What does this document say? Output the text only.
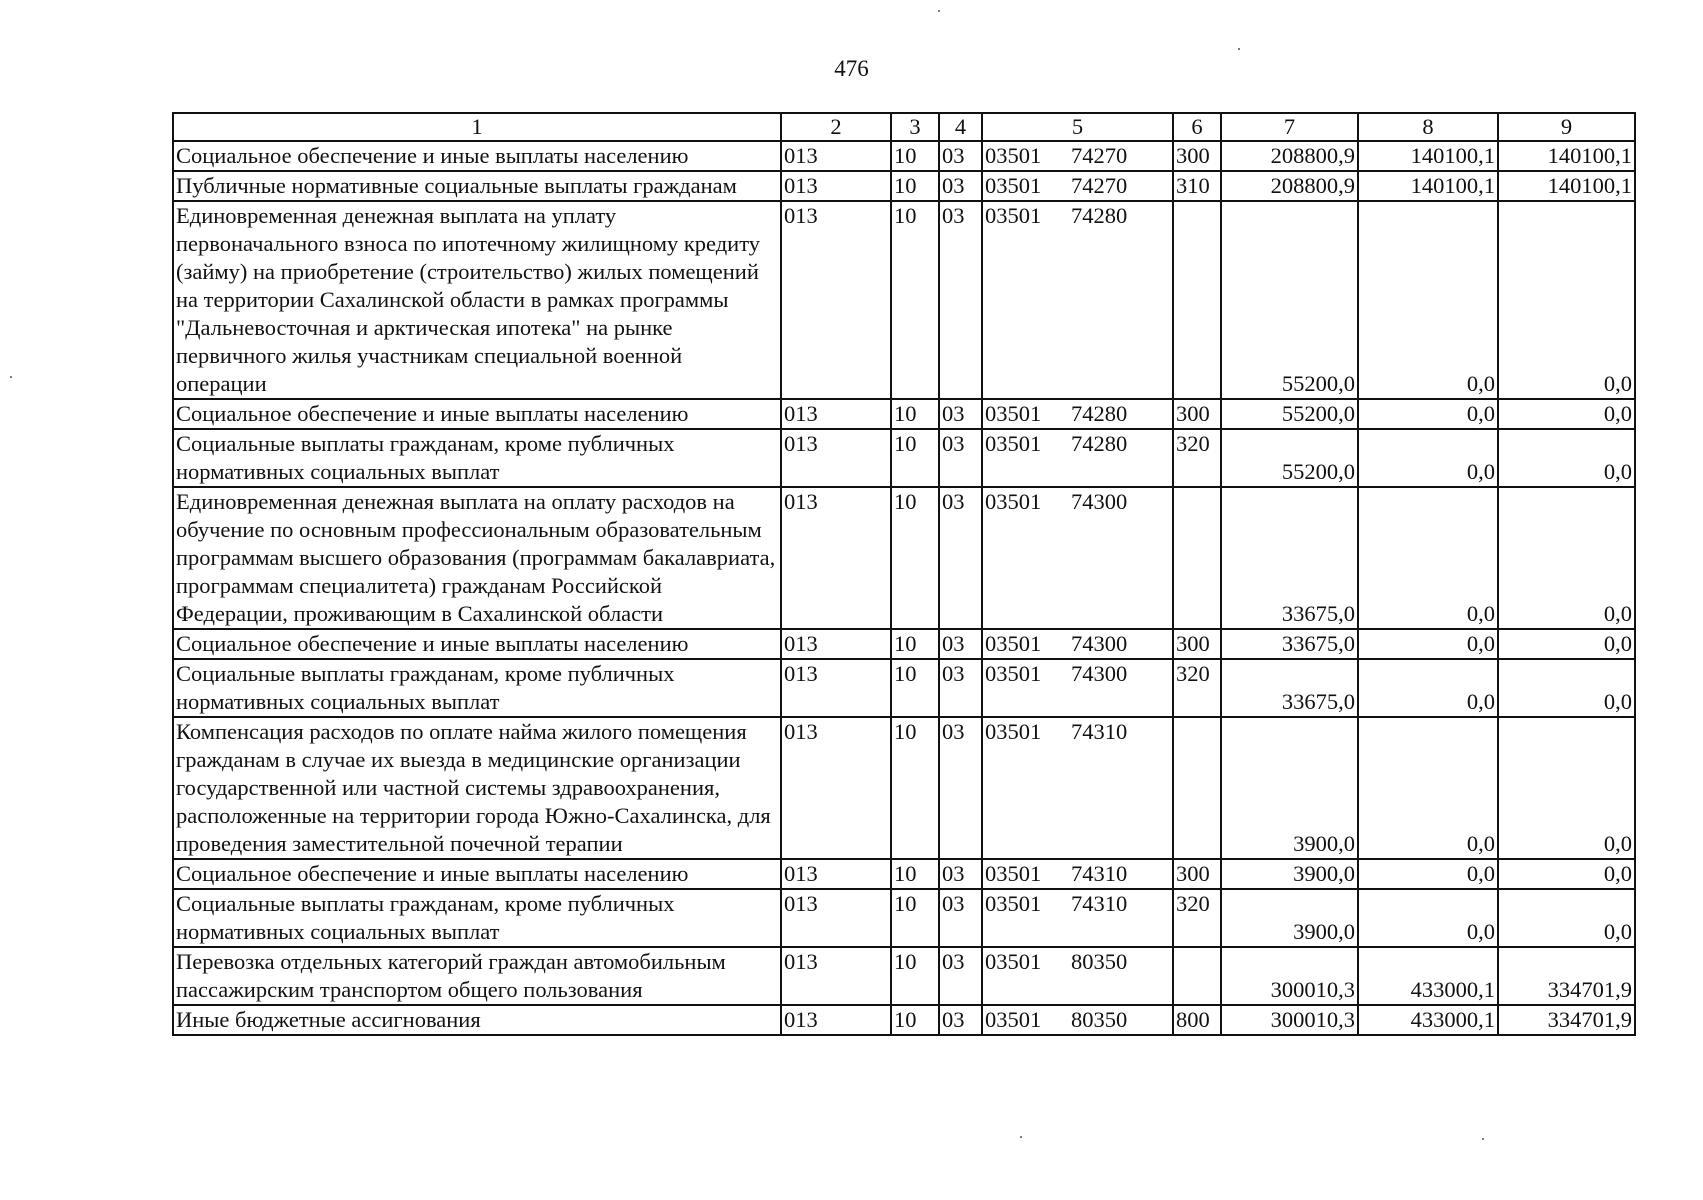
476
1	2	3	4	5	6	7	8	9
Социальное обеспечение и иные выплаты населению	013	10	03	03501 74270	300	208800,9	140100,1	140100,1
Публичные нормативные социальные выплаты гражданам	013	10	03	03501 74270	310	208800,9	140100,1	140100,1
Единовременная денежная выплата на уплату первоначального взноса по ипотечному жилищному кредиту (займу) на приобретение (строительство) жилых помещений на территории Сахалинской области в рамках программы "Дальневосточная и арктическая ипотека" на рынке первичного жилья участникам специальной военной операции	013	10	03	03501 74280		55200,0	0,0	0,0
Социальное обеспечение и иные выплаты населению	013	10	03	03501 74280	300	55200,0	0,0	0,0
Социальные выплаты гражданам, кроме публичных нормативных социальных выплат	013	10	03	03501 74280	320	55200,0	0,0	0,0
Единовременная денежная выплата на оплату расходов на обучение по основным профессиональным образовательным программам высшего образования (программам бакалавриата, программам специалитета) гражданам Российской Федерации, проживающим в Сахалинской области	013	10	03	03501 74300		33675,0	0,0	0,0
Социальное обеспечение и иные выплаты населению	013	10	03	03501 74300	300	33675,0	0,0	0,0
Социальные выплаты гражданам, кроме публичных нормативных социальных выплат	013	10	03	03501 74300	320	33675,0	0,0	0,0
Компенсация расходов по оплате найма жилого помещения гражданам в случае их выезда в медицинские организации государственной или частной системы здравоохранения, расположенные на территории города Южно-Сахалинска, для проведения заместительной почечной терапии	013	10	03	03501 74310		3900,0	0,0	0,0
Социальное обеспечение и иные выплаты населению	013	10	03	03501 74310	300	3900,0	0,0	0,0
Социальные выплаты гражданам, кроме публичных нормативных социальных выплат	013	10	03	03501 74310	320	3900,0	0,0	0,0
Перевозка отдельных категорий граждан автомобильным пассажирским транспортом общего пользования	013	10	03	03501 80350		300010,3	433000,1	334701,9
Иные бюджетные ассигнования	013	10	03	03501 80350	800	300010,3	433000,1	334701,9
